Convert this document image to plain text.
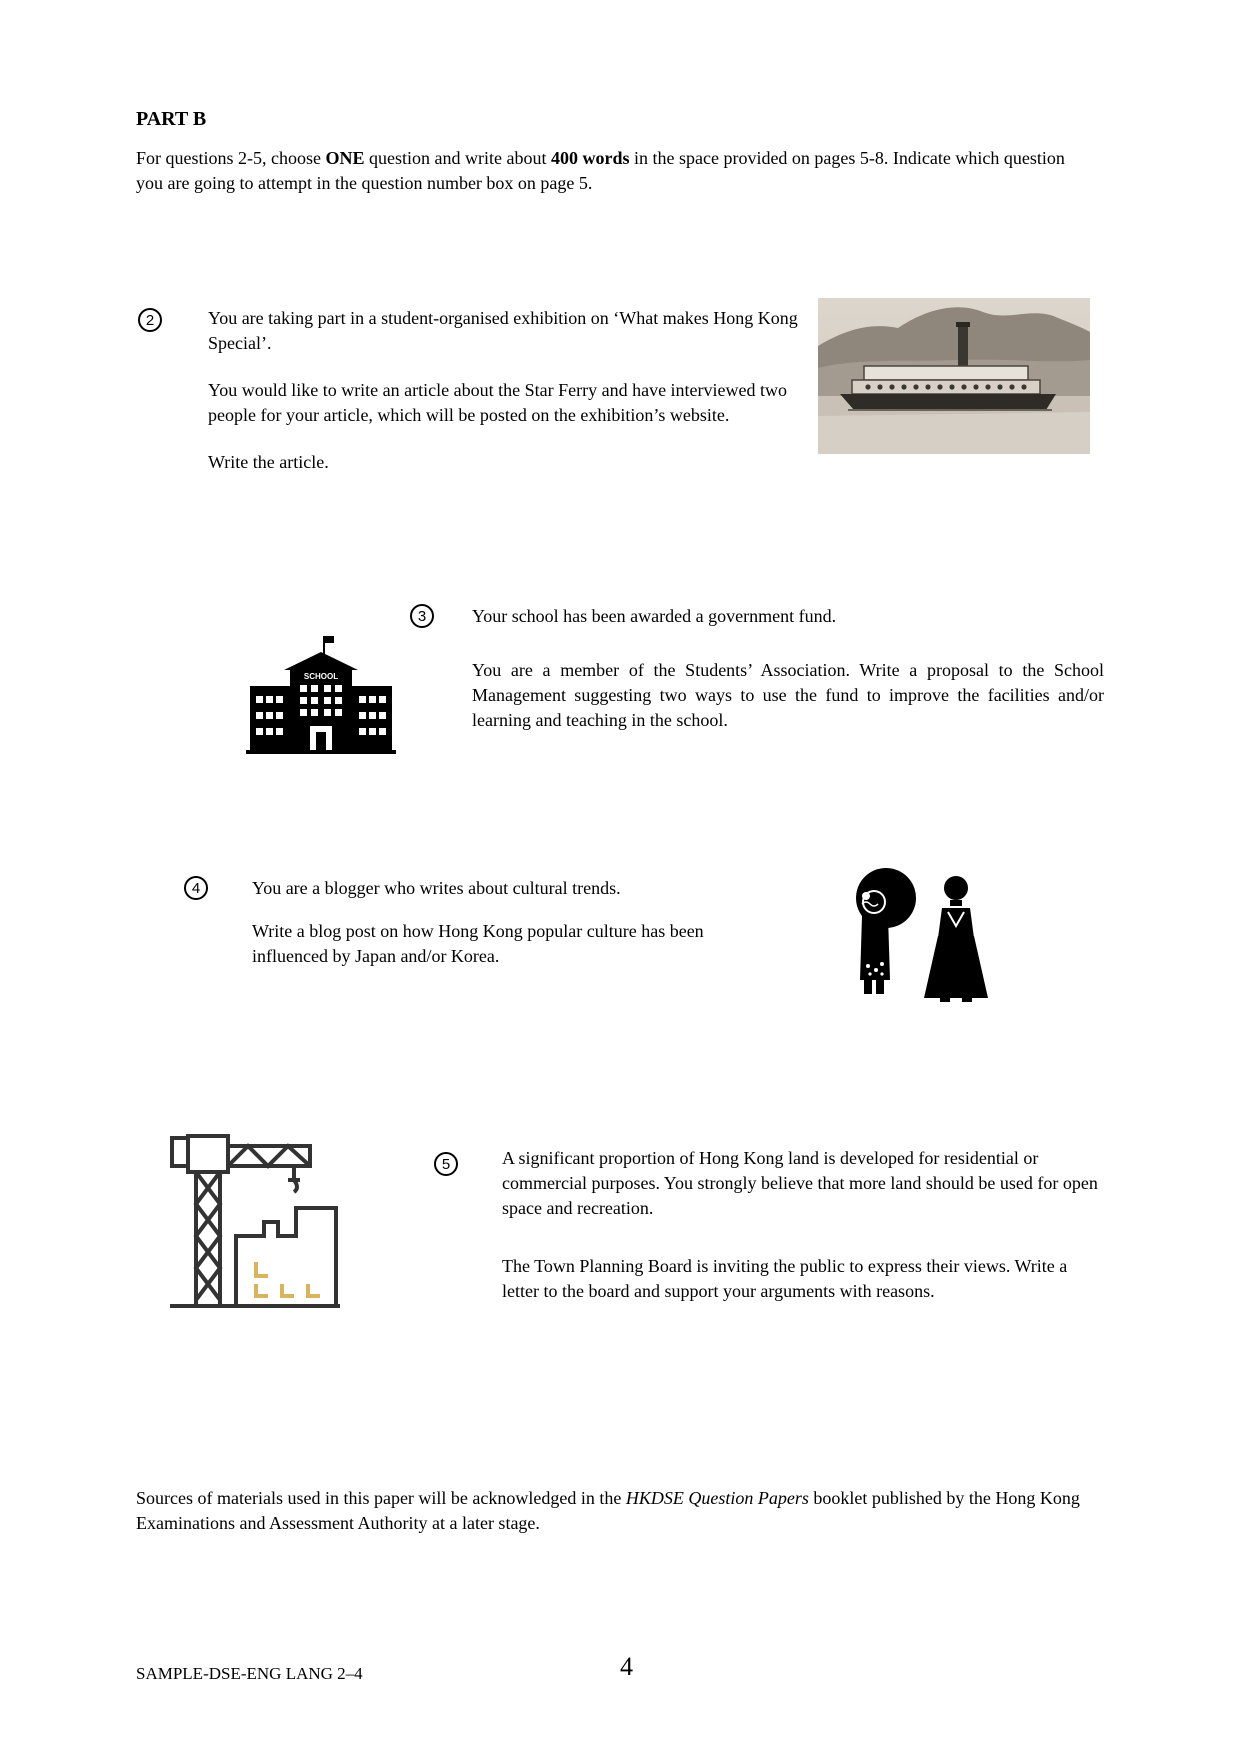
PART B

For questions 2-5, choose ONE question and write about 400 words in the space provided on pages 5-8. Indicate which question you are going to attempt in the question number box on page 5.

2	You are taking part in a student-organised exhibition on ‘What makes Hong Kong Special’.

You would like to write an article about the Star Ferry and have interviewed two people for your article, which will be posted on the exhibition’s website.

Write the article.

3	Your school has been awarded a government fund.

You are a member of the Students’ Association. Write a proposal to the School Management suggesting two ways to use the fund to improve the facilities and/or learning and teaching in the school.

SCHOOL
4	You are a blogger who writes about cultural trends.

Write a blog post on how Hong Kong popular culture has been influenced by Japan and/or Korea.

5	A significant proportion of Hong Kong land is developed for residential or commercial purposes. You strongly believe that more land should be used for open space and recreation.

The Town Planning Board is inviting the public to express their views. Write a letter to the board and support your arguments with reasons.

Sources of materials used in this paper will be acknowledged in the HKDSE Question Papers booklet published by the Hong Kong Examinations and Assessment Authority at a later stage.

SAMPLE-DSE-ENG LANG 2–4	4
